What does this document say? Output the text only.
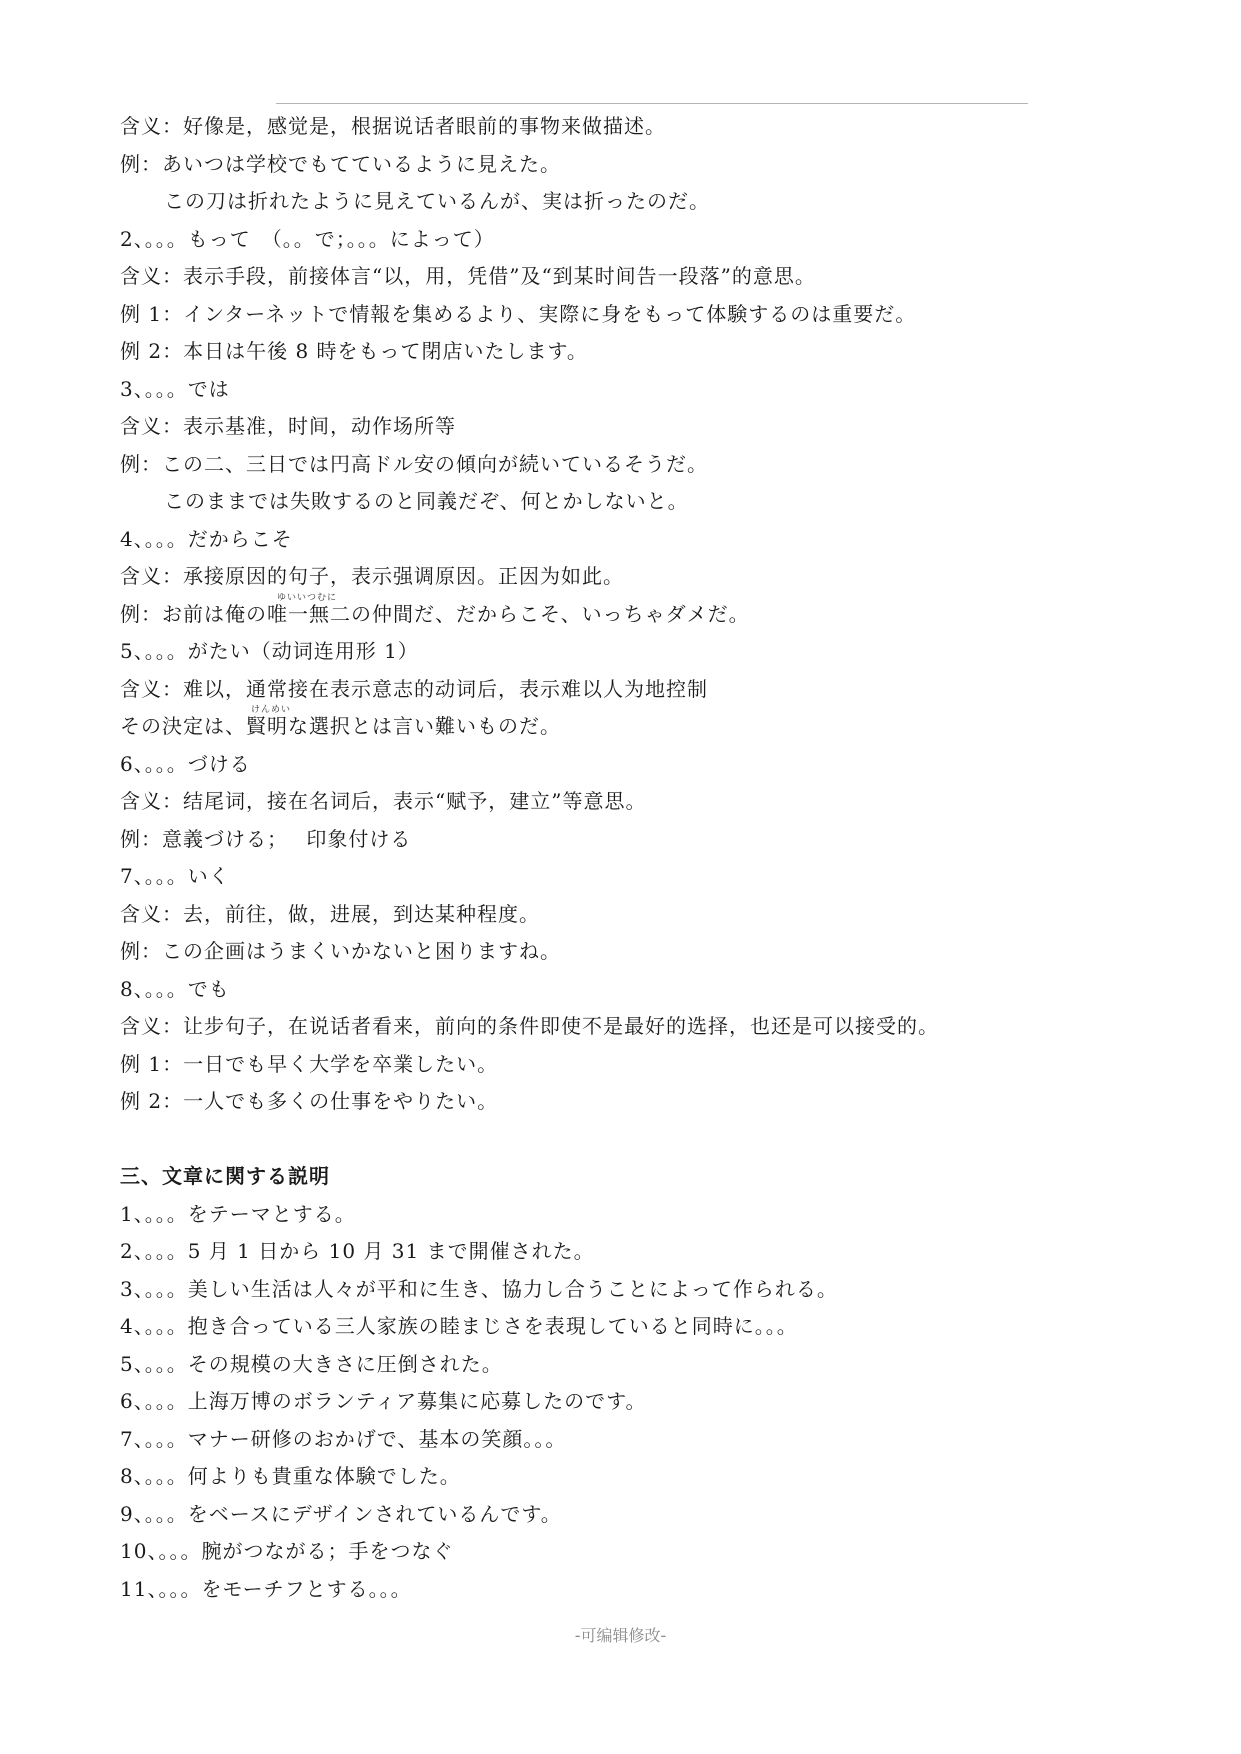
含义：好像是，感觉是，根据说话者眼前的事物来做描述。
例：あいつは学校でもてているように見えた。
この刀は折れたように見えているんが、実は折ったのだ。
2、。。。もって　（。。で；。。。によって）
含义：表示手段，前接体言“以，用，凭借”及“到某时间告一段落”的意思。
例 1：インターネットで情報を集めるより、実際に身をもって体験するのは重要だ。
例 2：本日は午後 8 時をもって閉店いたします。
3、。。。では
含义：表示基准，时间，动作场所等
例：この二、三日では円高ドル安の傾向が続いているそうだ。
このままでは失敗するのと同義だぞ、何とかしないと。
4、。。。だからこそ
含义：承接原因的句子，表示强调原因。正因为如此。
ゆいいつむに
例：お前は俺の唯一無二の仲間だ、だからこそ、いっちゃダメだ。
5、。。。がたい（动词连用形 1）
含义：难以，通常接在表示意志的动词后，表示难以人为地控制
けんめい
その決定は、賢明な選択とは言い難いものだ。
6、。。。づける
含义：结尾词，接在名词后，表示“赋予，建立”等意思。
例：意義づける；　 印象付ける
7、。。。いく
含义：去，前往，做，进展，到达某种程度。
例：この企画はうまくいかないと困りますね。
8、。。。でも
含义：让步句子，在说话者看来，前向的条件即使不是最好的选择，也还是可以接受的。
例 1：一日でも早く大学を卒業したい。
例 2：一人でも多くの仕事をやりたい。
三、文章に関する説明
1、。。。をテーマとする。
2、。。。5 月 1 日から 10 月 31 まで開催された。
3、。。。美しい生活は人々が平和に生き、協力し合うことによって作られる。
4、。。。抱き合っている三人家族の睦まじさを表現していると同時に。。。
5、。。。その規模の大きさに圧倒された。
6、。。。上海万博のボランティア募集に応募したのです。
7、。。。マナー研修のおかげで、基本の笑顔。。。
8、。。。何よりも貴重な体験でした。
9、。。。をベースにデザインされているんです。
10、。。。腕がつながる；手をつなぐ
11、。。。をモーチフとする。。。
-可编辑修改-
